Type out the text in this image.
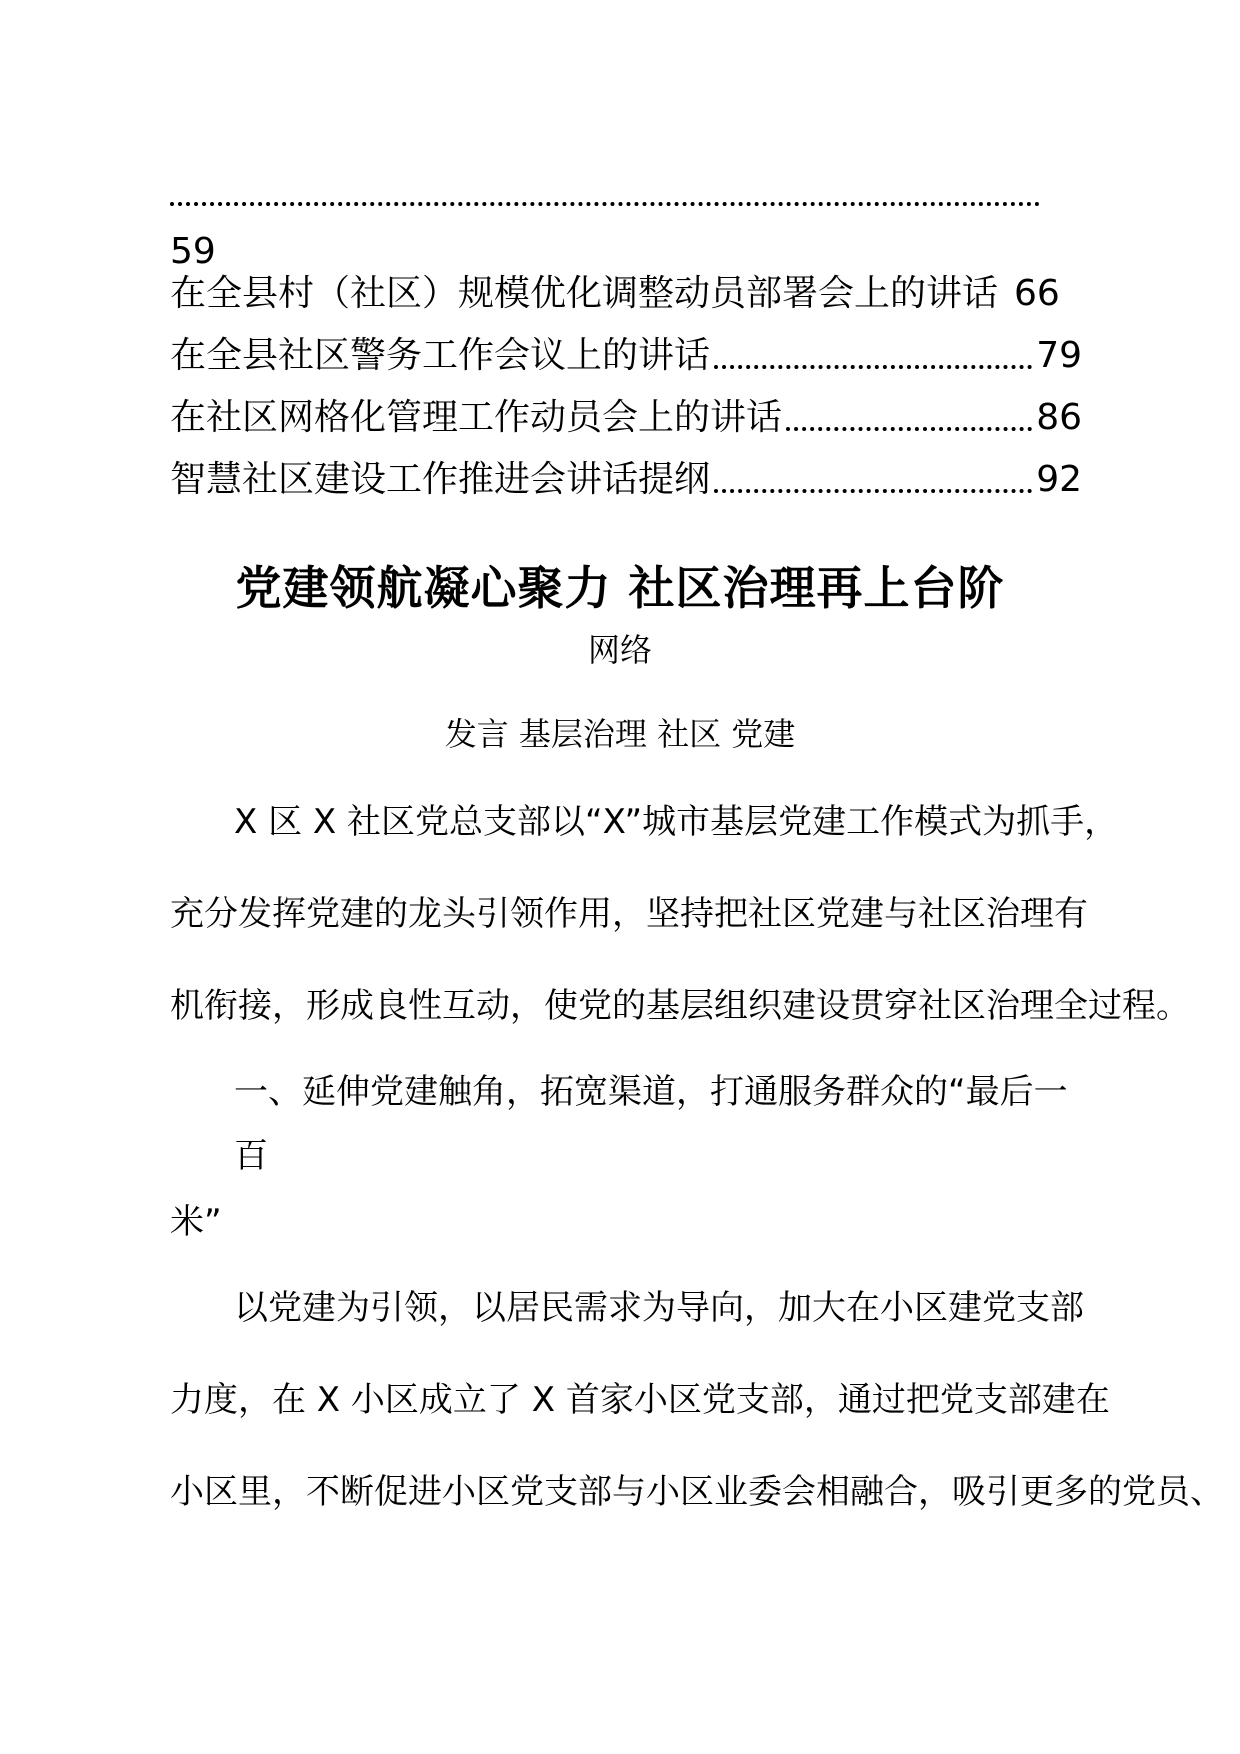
59
在全县村（社区）规模优化调整动员部署会上的讲话 66
在全县社区警务工作会议上的讲话	79
在社区网格化管理工作动员会上的讲话	86
智慧社区建设工作推进会讲话提纲	92
党建领航凝心聚力 社区治理再上台阶
网络
发言 基层治理 社区 党建
X 区 X 社区党总支部以“X”城市基层党建工作模式为抓手，
充分发挥党建的龙头引领作用，坚持把社区党建与社区治理有
机衔接，形成良性互动，使党的基层组织建设贯穿社区治理全过程。
一、延伸党建触角，拓宽渠道，打通服务群众的“最后一
百
米”
以党建为引领，以居民需求为导向，加大在小区建党支部
力度，在 X 小区成立了 X 首家小区党支部，通过把党支部建在
小区里，不断促进小区党支部与小区业委会相融合，吸引更多的党员、
